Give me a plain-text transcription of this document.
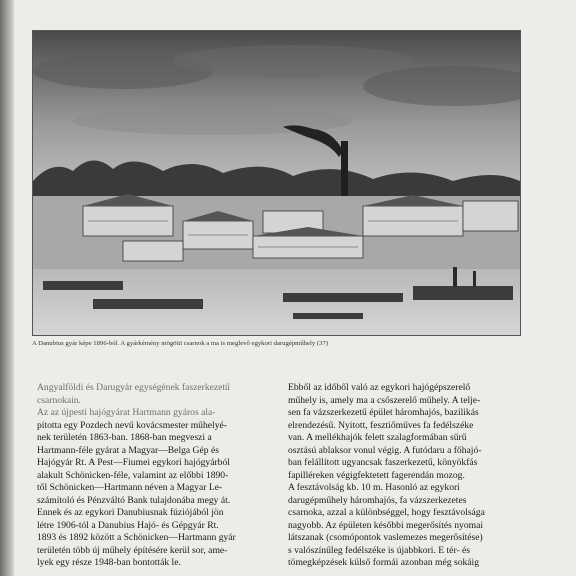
A Danubius gyár képe 1896-ból. A gyárkémény mögötti csarnok a ma is meglevő egykori darugépműhely (37)
Angyalföldi és Darugyár egységének faszerkezetű
csarnokain.
Az az újpesti hajógyárat Hartmann gyáros ala-
pította egy Pozdech nevű kovácsmester műhelyé-
nek területén 1863-ban. 1868-ban megveszi a
Hartmann-féle gyárat a Magyar—Belga Gép és
Hajógyár Rt. A Pest—Fiumei egykori hajógyárból
alakult Schönicken-féle, valamint az előbbi 1890-
től Schönicken—Hartmann néven a Magyar Le-
számítoló és Pénzváltó Bank tulajdonába megy át.
Ennek és az egykori Danubiusnak fúziójából jön
létre 1906-tól a Danubius Hajó- és Gépgyár Rt.
1893 és 1892 között a Schönicken—Hartmann gyár
területén több új műhely építésére kerül sor, ame-
lyek egy része 1948-ban bontották le.
Ebből az időből való az egykori hajógépszerelő
műhely is, amely ma a csőszerelő műhely. A telje-
sen fa vázszerkezetű épület háromhajós, bazilikás
elrendezésű. Nyitott, fesztiőműves fa fedélszéke
van. A mellékhajók felett szalagformában sűrű
osztású ablaksor vonul végig. A futódaru a főhajó-
ban felállított ugyancsak faszerkezetű, könyökfás
fapilléreken végigfektetett fagerendán mozog.
A fesztávolság kb. 10 m. Hasonló az egykori
darugépműhely háromhajós, fa vázszerkezetes
csarnoka, azzal a különbséggel, hogy fesztávolsága
nagyobb. Az épületen későbbi megerősítés nyomai
látszanak (csomópontok vaslemezes megerősítése)
s valószínűleg fedélszéke is újabbkori. E tér- és
tömegképzések külső formái azonban még sokáig
